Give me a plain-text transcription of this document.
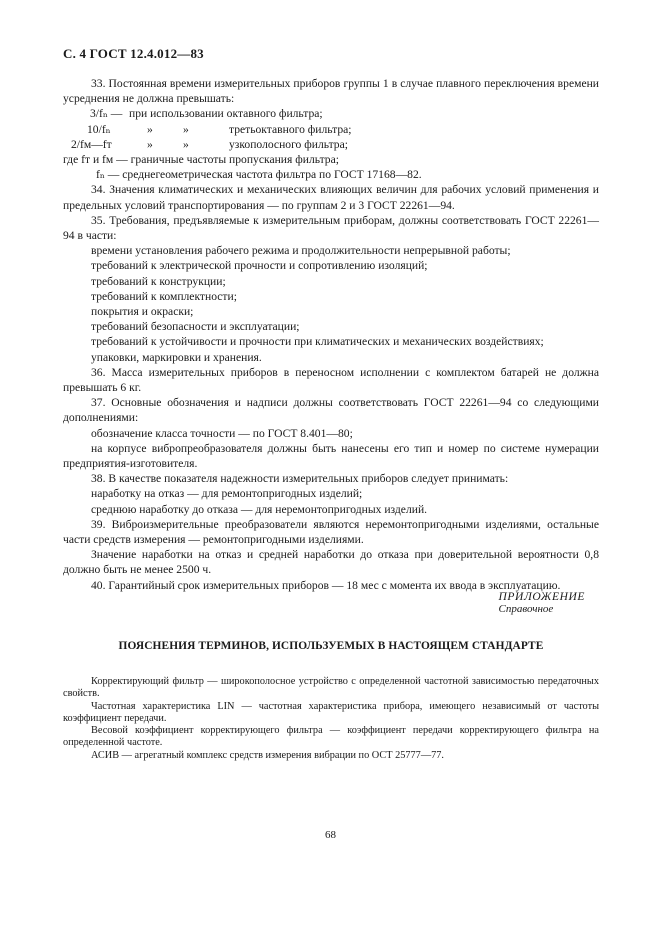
С. 4 ГОСТ 12.4.012—83

33. Постоянная времени измерительных приборов группы 1 в случае плавного переключения времени усреднения не должна превышать:

3/fₙ — при использовании октавного фильтра;
10/fₙ	»	»	третьоктавного фильтра;
2/fм—fт	»	»	узкополосного фильтра;

где fт и fм — граничные частоты пропускания фильтра;

fₙ — среднегеометрическая частота фильтра по ГОСТ 17168—82.

34. Значения климатических и механических влияющих величин для рабочих условий применения и предельных условий транспортирования — по группам 2 и 3 ГОСТ 22261—94.

35. Требования, предъявляемые к измерительным приборам, должны соответствовать ГОСТ 22261—94 в части:

времени установления рабочего режима и продолжительности непрерывной работы;

требований к электрической прочности и сопротивлению изоляций;

требований к конструкции;

требований к комплектности;

покрытия и окраски;

требований безопасности и эксплуатации;

требований к устойчивости и прочности при климатических и механических воздействиях;

упаковки, маркировки и хранения.

36. Масса измерительных приборов в переносном исполнении с комплектом батарей не должна превышать 6 кг.

37. Основные обозначения и надписи должны соответствовать ГОСТ 22261—94 со следующими дополнениями:

обозначение класса точности — по ГОСТ 8.401—80;

на корпусе вибропреобразователя должны быть нанесены его тип и номер по системе нумерации предприятия-изготовителя.

38. В качестве показателя надежности измерительных приборов следует принимать:

наработку на отказ — для ремонтопригодных изделий;

среднюю наработку до отказа — для неремонтопригодных изделий.

39. Виброизмерительные преобразователи являются неремонтопригодными изделиями, остальные части средств измерения — ремонтопригодными изделиями.

Значение наработки на отказ и средней наработки до отказа при доверительной вероятности 0,8 должно быть не менее 2500 ч.

40. Гарантийный срок измерительных приборов — 18 мес с момента их ввода в эксплуатацию.

ПРИЛОЖЕНИЕ
Справочное
ПОЯСНЕНИЯ ТЕРМИНОВ, ИСПОЛЬЗУЕМЫХ В НАСТОЯЩЕМ СТАНДАРТЕ

Корректирующий фильтр — широкополосное устройство с определенной частотной зависимостью передаточных свойств.

Частотная характеристика LIN — частотная характеристика прибора, имеющего независимый от частоты коэффициент передачи.

Весовой коэффициент корректирующего фильтра — коэффициент передачи корректирующего фильтра на определенной частоте.

АСИВ — агрегатный комплекс средств измерения вибрации по ОСТ 25777—77.

68
